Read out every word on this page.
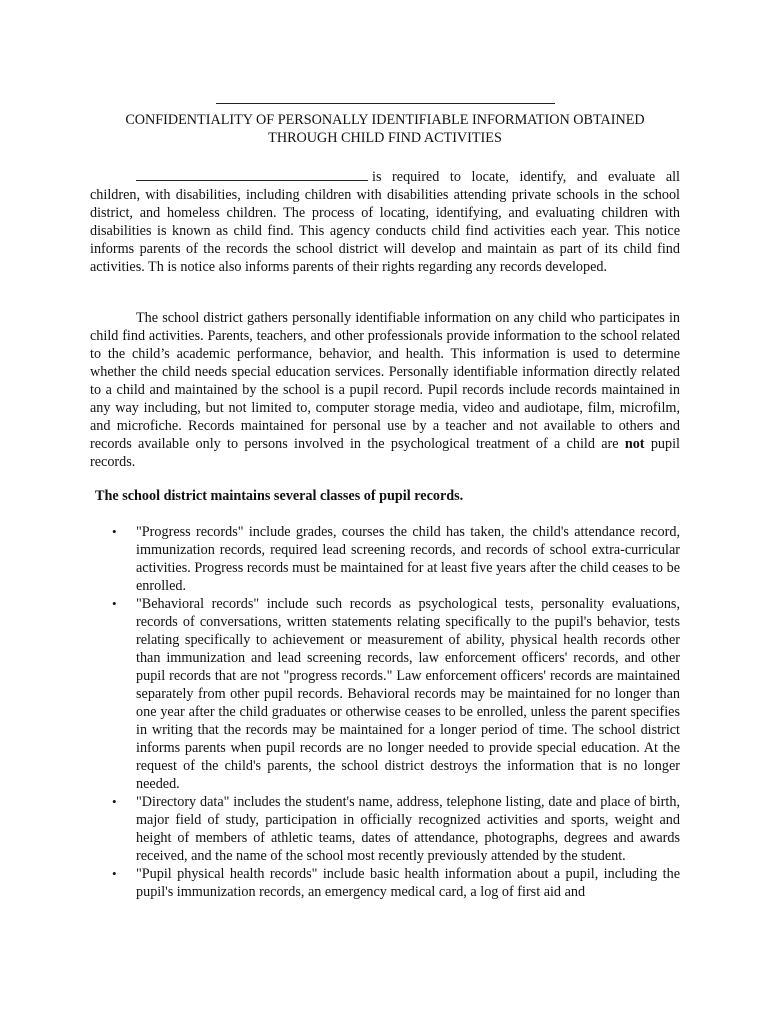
CONFIDENTIALITY OF PERSONALLY IDENTIFIABLE INFORMATION OBTAINED
THROUGH CHILD FIND ACTIVITIES

is required to locate, identify, and evaluate all children, with disabilities, including children with disabilities attending private schools in the school district, and homeless children. The process of locating, identifying, and evaluating children with disabilities is known as child find. This agency conducts child find activities each year. This notice informs parents of the records the school district will develop and maintain as part of its child find activities. Th is notice also informs parents of their rights regarding any records developed.

The school district gathers personally identifiable information on any child who participates in child find activities. Parents, teachers, and other professionals provide information to the school related to the child’s academic performance, behavior, and health. This information is used to determine whether the child needs special education services. Personally identifiable information directly related to a child and maintained by the school is a pupil record. Pupil records include records maintained in any way including, but not limited to, computer storage media, video and audiotape, film, microfilm, and microfiche. Records maintained for personal use by a teacher and not available to others and records available only to persons involved in the psychological treatment of a child are not pupil records.

The school district maintains several classes of pupil records.
• "Progress records" include grades, courses the child has taken, the child's attendance record, immunization records, required lead screening records, and records of school extra-curricular activities. Progress records must be maintained for at least five years after the child ceases to be enrolled.
• "Behavioral records" include such records as psychological tests, personality evaluations, records of conversations, written statements relating specifically to the pupil's behavior, tests relating specifically to achievement or measurement of ability, physical health records other than immunization and lead screening records, law enforcement officers' records, and other pupil records that are not "progress records." Law enforcement officers' records are maintained separately from other pupil records. Behavioral records may be maintained for no longer than one year after the child graduates or otherwise ceases to be enrolled, unless the parent specifies in writing that the records may be maintained for a longer period of time. The school district informs parents when pupil records are no longer needed to provide special education. At the request of the child's parents, the school district destroys the information that is no longer needed.
• "Directory data" includes the student's name, address, telephone listing, date and place of birth, major field of study, participation in officially recognized activities and sports, weight and height of members of athletic teams, dates of attendance, photographs, degrees and awards received, and the name of the school most recently previously attended by the student.
• "Pupil physical health records" include basic health information about a pupil, including the pupil's immunization records, an emergency medical card, a log of first aid and
